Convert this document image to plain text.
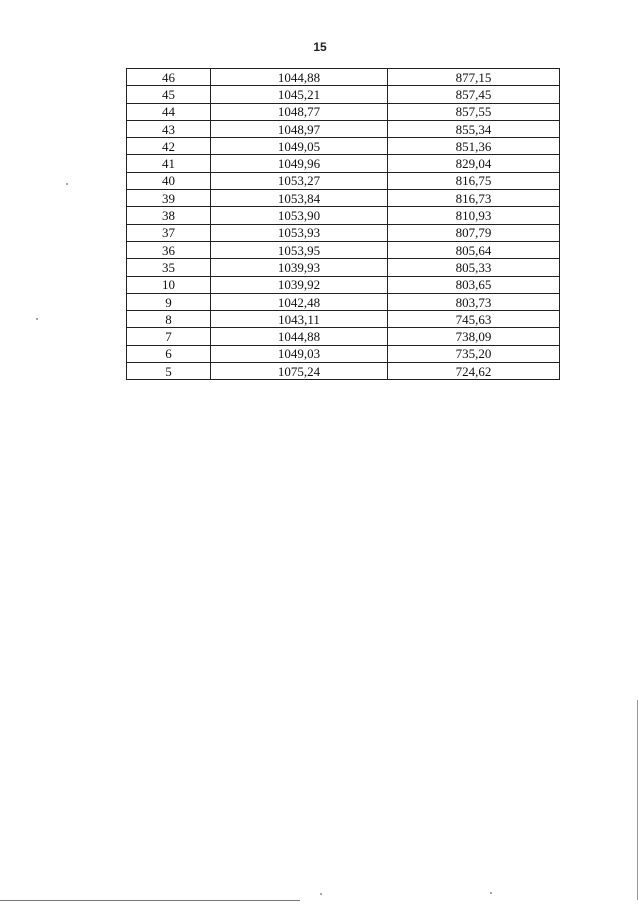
15
46	1044,88	877,15
45	1045,21	857,45
44	1048,77	857,55
43	1048,97	855,34
42	1049,05	851,36
41	1049,96	829,04
40	1053,27	816,75
39	1053,84	816,73
38	1053,90	810,93
37	1053,93	807,79
36	1053,95	805,64
35	1039,93	805,33
10	1039,92	803,65
9	1042,48	803,73
8	1043,11	745,63
7	1044,88	738,09
6	1049,03	735,20
5	1075,24	724,62
